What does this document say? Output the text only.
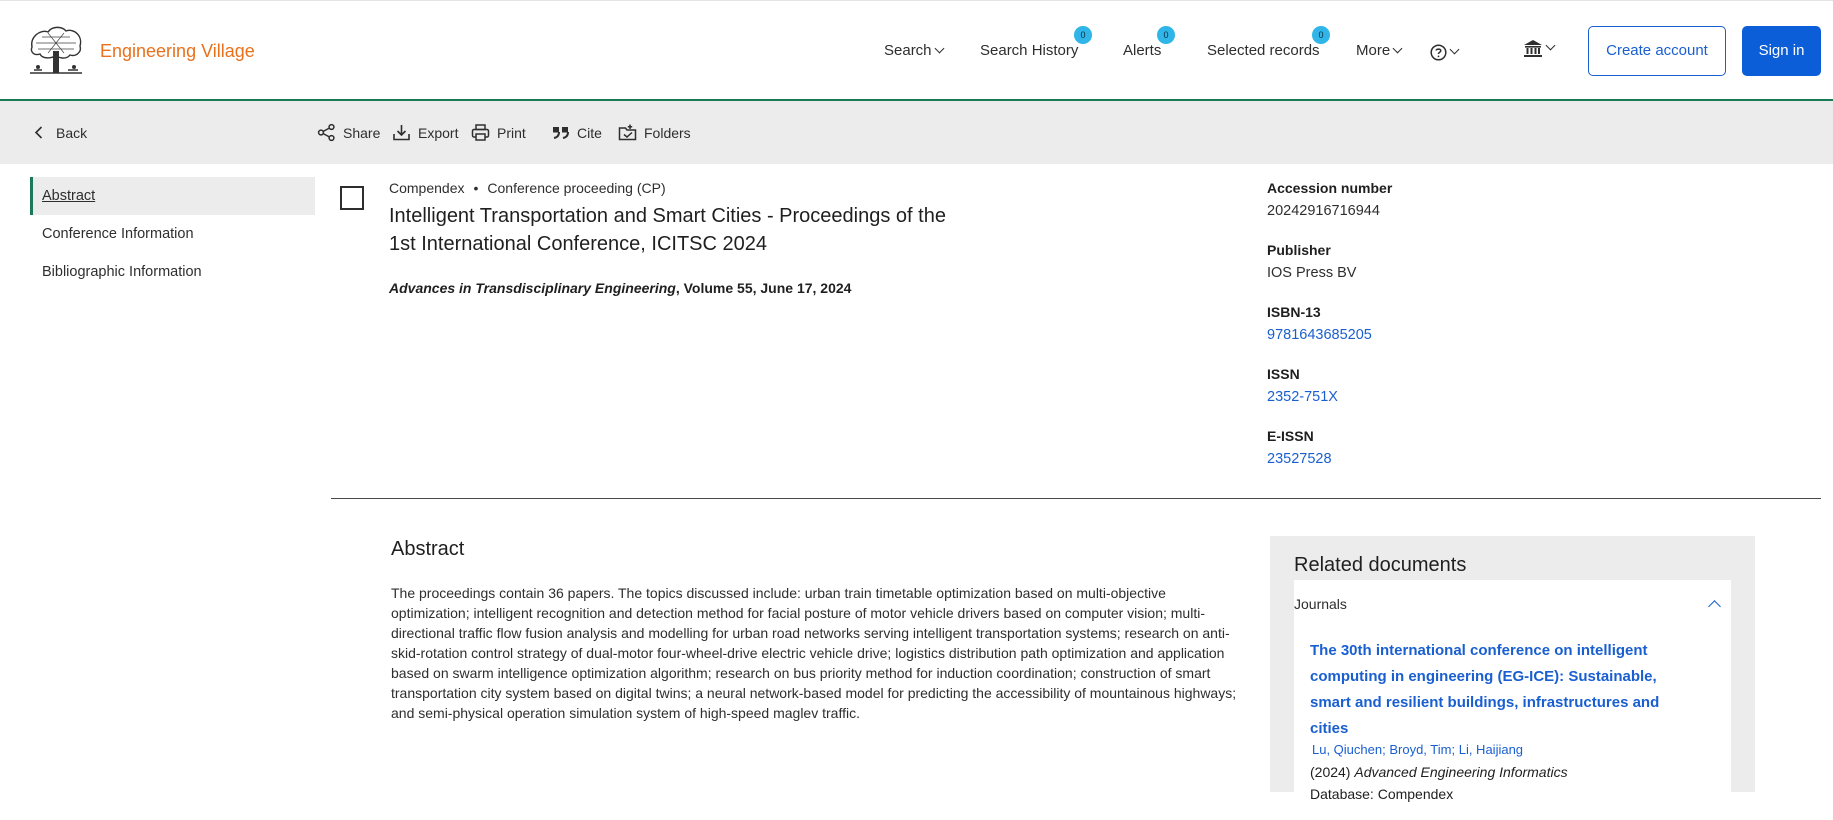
Engineering Village	Search	Search History
0
Alerts
0
Selected records
0
More	Create account	Sign in
Back	Share	Export	Print	Cite	Folders
Abstract
Conference Information
Bibliographic Information
Compendex • Conference proceeding (CP)
Intelligent Transportation and Smart Cities - Proceedings of the 1st International Conference, ICITSC 2024
Advances in Transdisciplinary Engineering, Volume 55, June 17, 2024
Accession number
20242916716944
Publisher
IOS Press BV
ISBN-13
9781643685205
ISSN
2352-751X
E-ISSN
23527528
Abstract
The proceedings contain 36 papers. The topics discussed include: urban train timetable optimization based on multi-objective optimization; intelligent recognition and detection method for facial posture of motor vehicle drivers based on computer vision; multi-directional traffic flow fusion analysis and modelling for urban road networks serving intelligent transportation systems; research on anti-skid-rotation control strategy of dual-motor four-wheel-drive electric vehicle drive; logistics distribution path optimization and application based on swarm intelligence optimization algorithm; research on bus priority method for induction coordination; construction of smart transportation city system based on digital twins; a neural network-based model for predicting the accessibility of mountainous highways; and semi-physical operation simulation system of high-speed maglev traffic.
Related documents
Journals
The 30th international conference on intelligent computing in engineering (EG-ICE): Sustainable, smart and resilient buildings, infrastructures and cities
Lu, Qiuchen; Broyd, Tim; Li, Haijiang
(2024) Advanced Engineering Informatics
Database: Compendex
